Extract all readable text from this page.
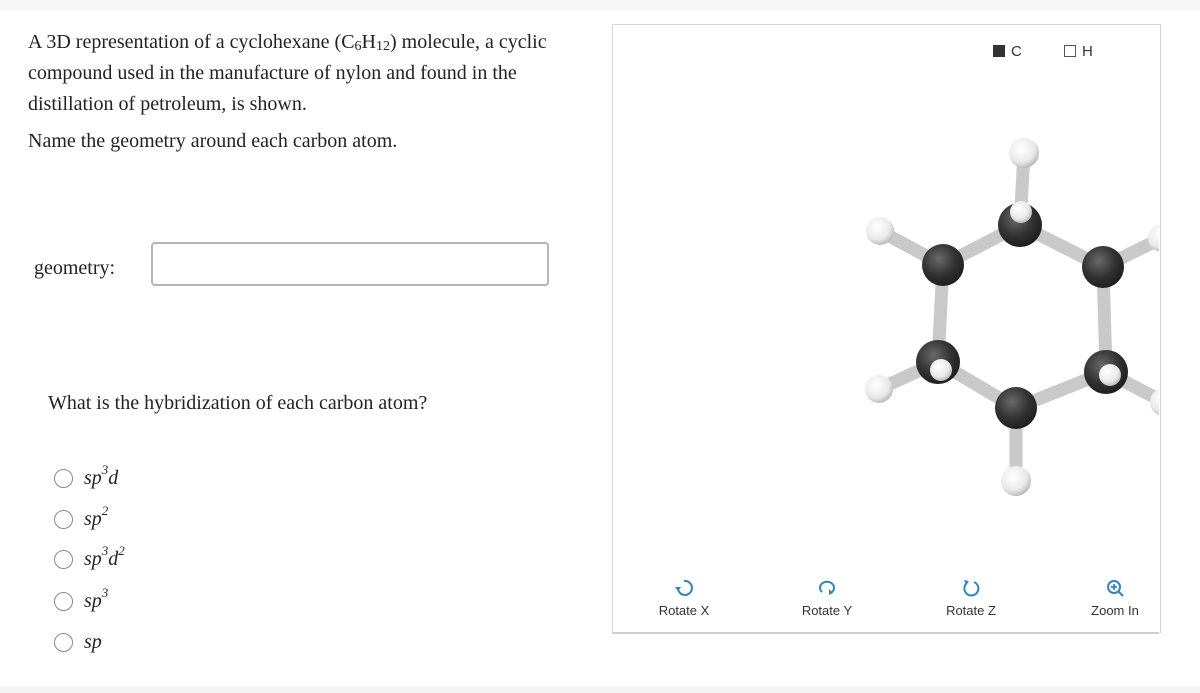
A 3D representation of a cyclohexane $(C_6H_{12})$ molecule, a cyclic compound used in the manufacture of nylon and found in the distillation of petroleum, is shown.
Name the geometry around each carbon atom.
geometry:
What is the hybridization of each carbon atom?
$sp^3d$
$sp^2$
$sp^3d^2$
$sp^3$
sp
C	H
Rotate X	Rotate Y	Rotate Z	Zoom In
